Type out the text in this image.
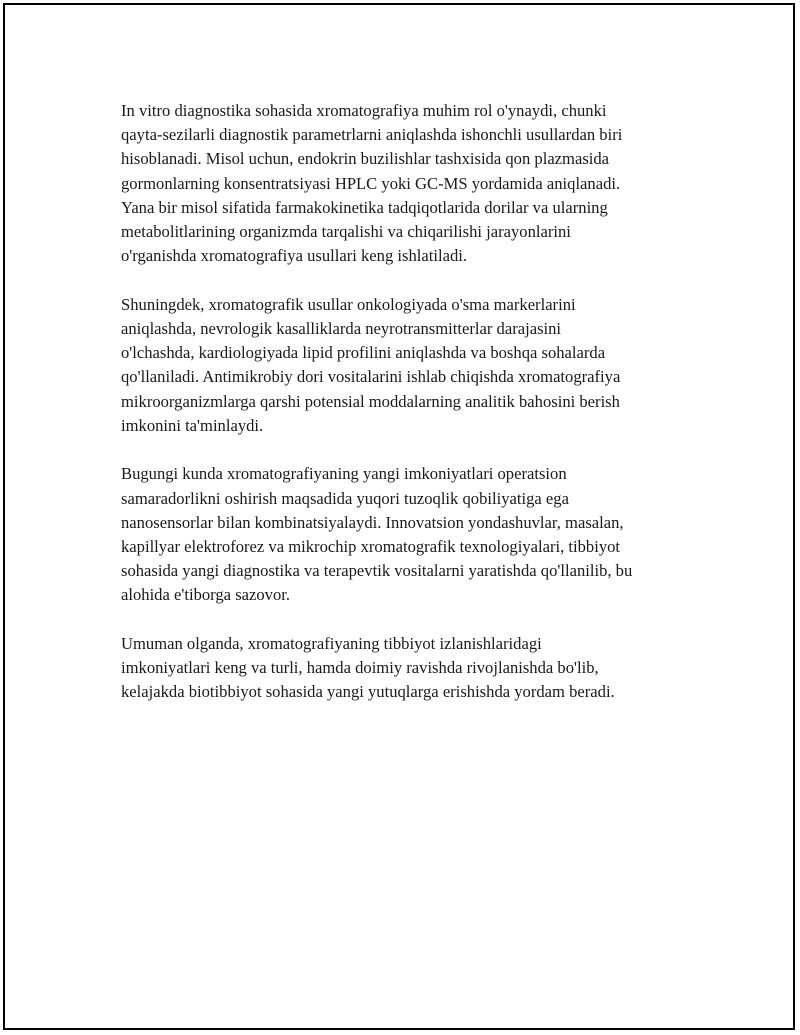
In vitro diagnostika sohasida xromatografiya muhim rol o'ynaydi, chunki
qayta-sezilarli diagnostik parametrlarni aniqlashda ishonchli usullardan biri
hisoblanadi. Misol uchun, endokrin buzilishlar tashxisida qon plazmasida
gormonlarning konsentratsiyasi HPLC yoki GC-MS yordamida aniqlanadi.
Yana bir misol sifatida farmakokinetika tadqiqotlarida dorilar va ularning
metabolitlarining organizmda tarqalishi va chiqarilishi jarayonlarini
o'rganishda xromatografiya usullari keng ishlatiladi.

Shuningdek, xromatografik usullar onkologiyada o'sma markerlarini
aniqlashda, nevrologik kasalliklarda neyrotransmitterlar darajasini
o'lchashda, kardiologiyada lipid profilini aniqlashda va boshqa sohalarda
qo'llaniladi. Antimikrobiy dori vositalarini ishlab chiqishda xromatografiya
mikroorganizmlarga qarshi potensial moddalarning analitik bahosini berish
imkonini ta'minlaydi.

Bugungi kunda xromatografiyaning yangi imkoniyatlari operatsion
samaradorlikni oshirish maqsadida yuqori tuzoqlik qobiliyatiga ega
nanosensorlar bilan kombinatsiyalaydi. Innovatsion yondashuvlar, masalan,
kapillyar elektroforez va mikrochip xromatografik texnologiyalari, tibbiyot
sohasida yangi diagnostika va terapevtik vositalarni yaratishda qo'llanilib, bu
alohida e'tiborga sazovor.

Umuman olganda, xromatografiyaning tibbiyot izlanishlaridagi
imkoniyatlari keng va turli, hamda doimiy ravishda rivojlanishda bo'lib,
kelajakda biotibbiyot sohasida yangi yutuqlarga erishishda yordam beradi.
